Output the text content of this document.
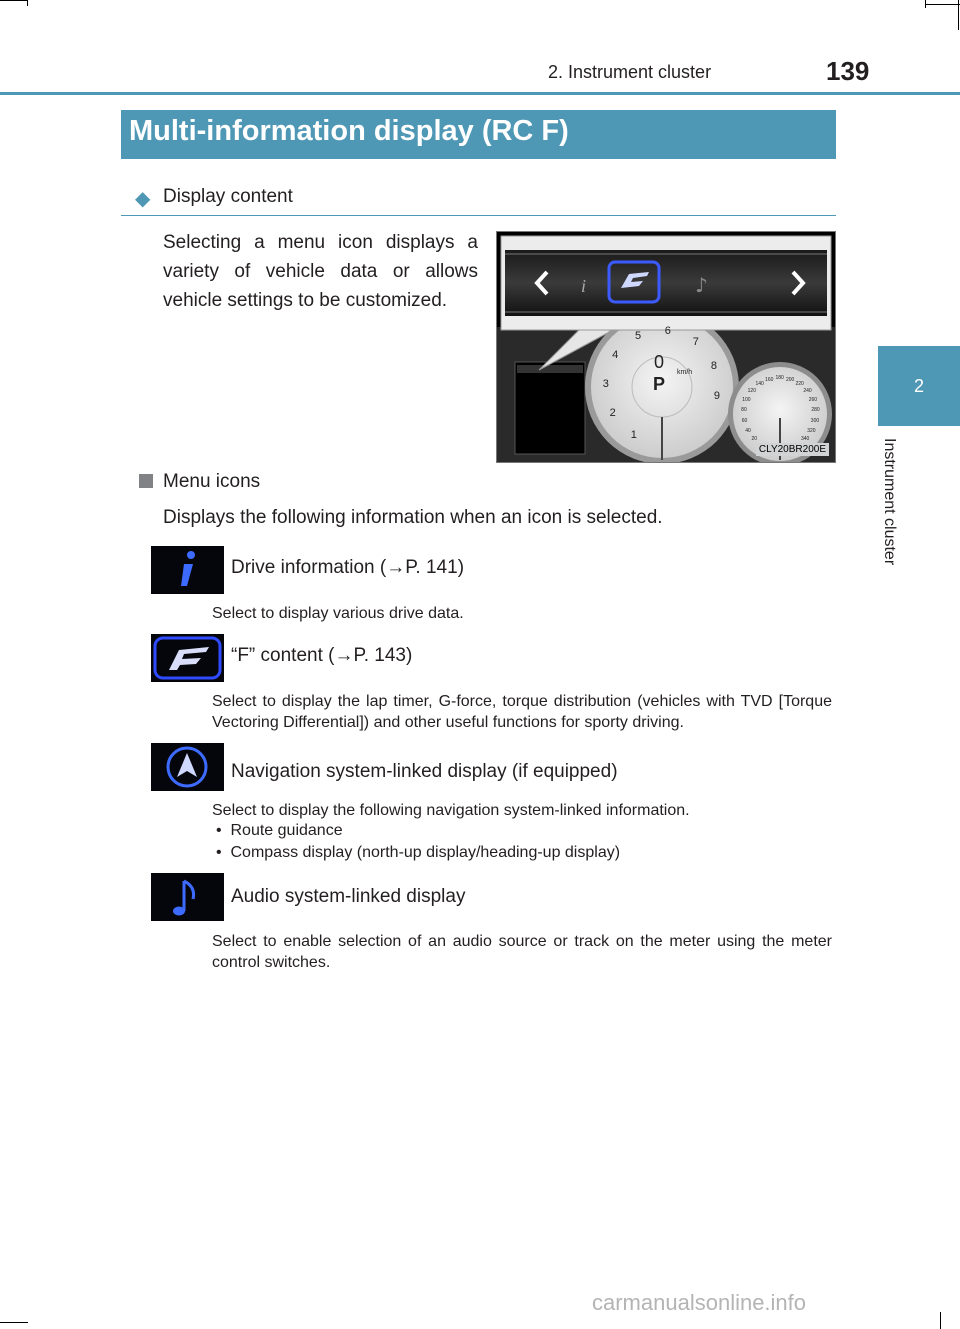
2. Instrument cluster	139
2
Instrument cluster
Multi-information display (RC F)
◆ Display content
Selecting a menu icon displays a variety of vehicle data or allows vehicle settings to be customized.
i	♪
0
P
km/h
1
2
3
4
5 6
7
8
9
20
40
60
80
100
120
140
160 180 200
220
240
260
280
300
320
340
CLY20BR200E
Menu icons
Displays the following information when an icon is selected.
Drive information (→P. 141)
Select to display various drive data.
“F” content (→P. 143)
Select to display the lap timer, G-force, torque distribution (vehicles with TVD [Torque Vectoring Differential]) and other useful functions for sporty driving.
Navigation system-linked display (if equipped)
Select to display the following navigation system-linked information.
•  Route guidance
•  Compass display (north-up display/heading-up display)
Audio system-linked display
Select to enable selection of an audio source or track on the meter using the meter control switches.
carmanualsonline.info
